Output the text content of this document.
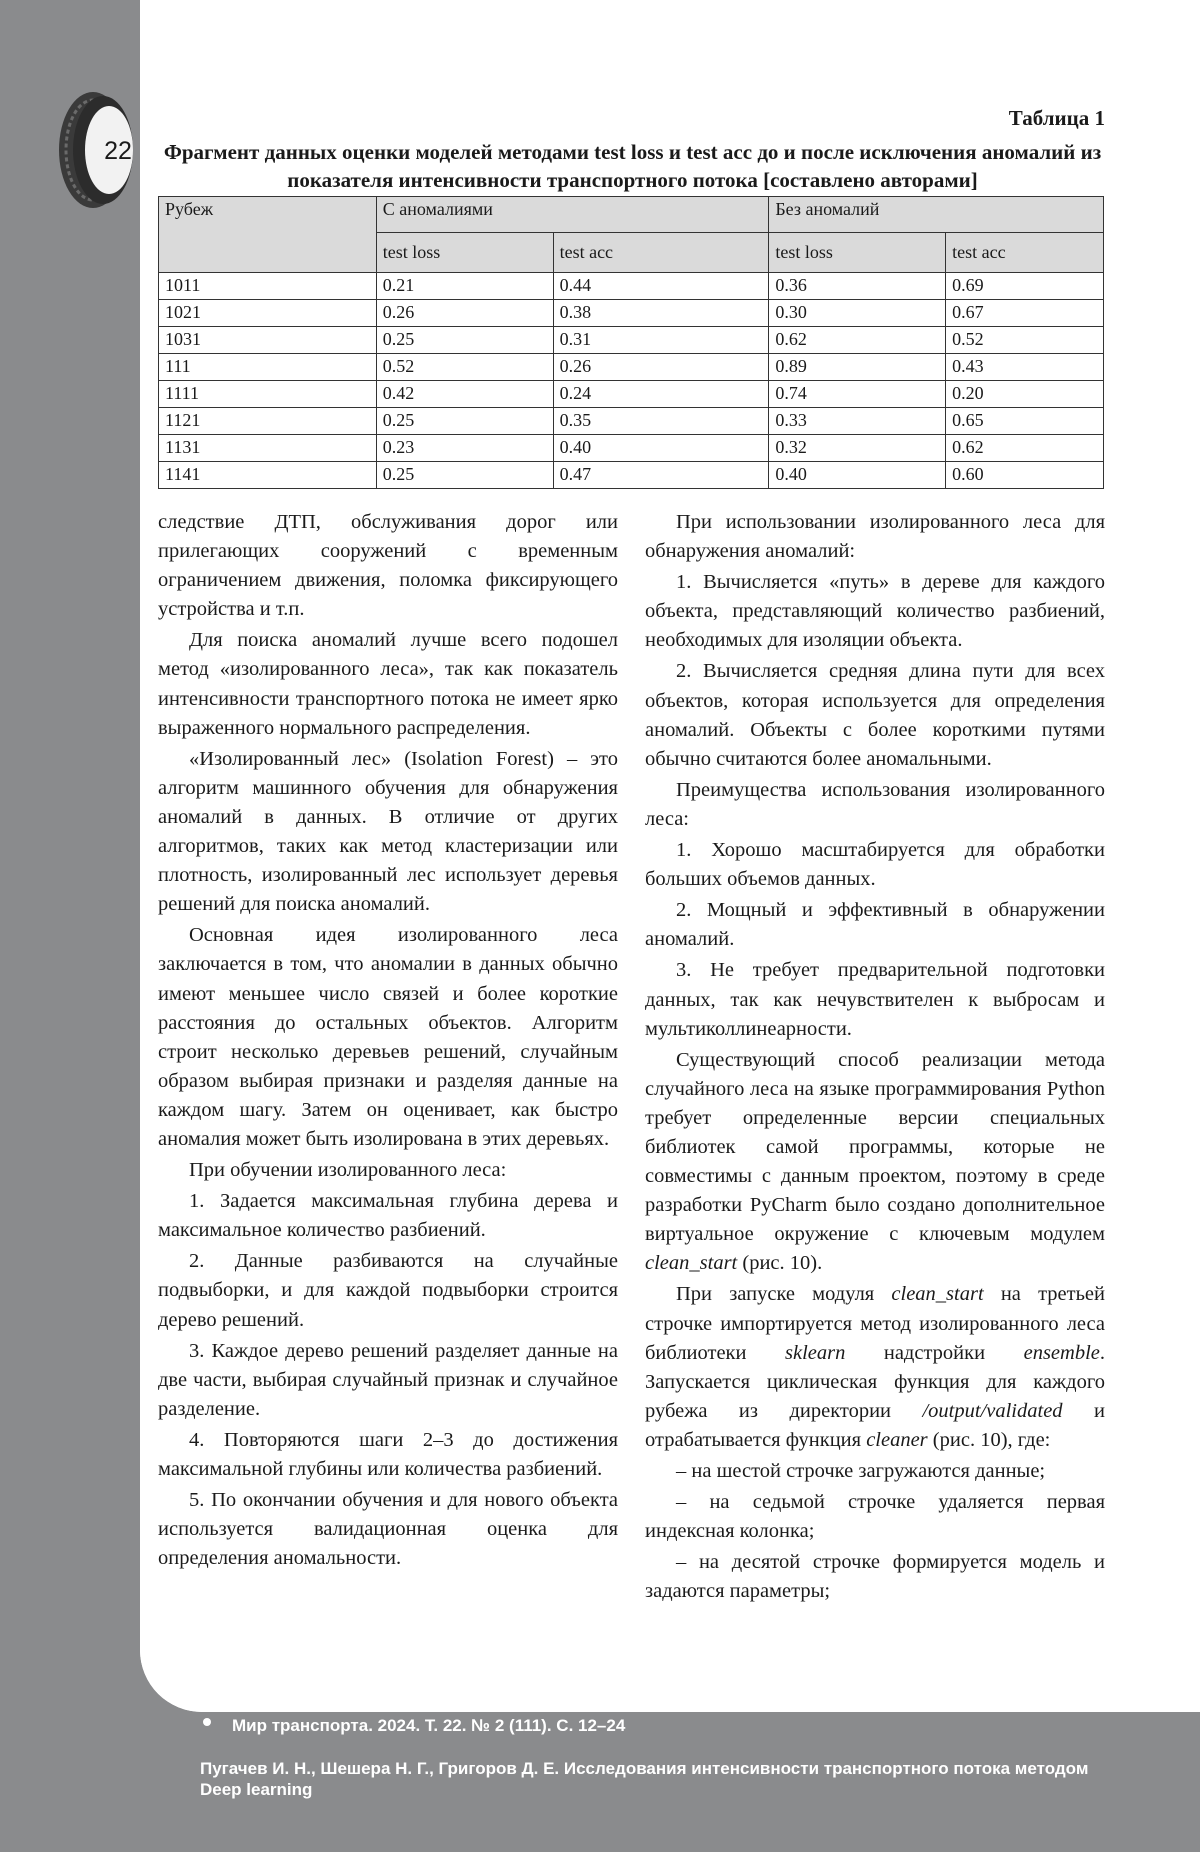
22
Таблица 1
Фрагмент данных оценки моделей методами test loss и test acc до и после исключения аномалий из показателя интенсивности транспортного потока [составлено авторами]
Рубеж	С аномалиями		Без аномалий	
	test loss	test acc	test loss	test acc
1011	0.21	0.44	0.36	0.69
1021	0.26	0.38	0.30	0.67
1031	0.25	0.31	0.62	0.52
111	0.52	0.26	0.89	0.43
1111	0.42	0.24	0.74	0.20
1121	0.25	0.35	0.33	0.65
1131	0.23	0.40	0.32	0.62
1141	0.25	0.47	0.40	0.60

следствие ДТП, обслуживания дорог или прилегающих сооружений с временным ограничением движения, поломка фиксирующего устройства и т.п.

Для поиска аномалий лучше всего подошел метод «изолированного леса», так как показатель интенсивности транспортного потока не имеет ярко выраженного нормального распределения.

«Изолированный лес» (Isolation Forest) – это алгоритм машинного обучения для обнаружения аномалий в данных. В отличие от других алгоритмов, таких как метод кластеризации или плотность, изолированный лес использует деревья решений для поиска аномалий.

Основная идея изолированного леса заключается в том, что аномалии в данных обычно имеют меньшее число связей и более короткие расстояния до остальных объектов. Алгоритм строит несколько деревьев решений, случайным образом выбирая признаки и разделяя данные на каждом шагу. Затем он оценивает, как быстро аномалия может быть изолирована в этих деревьях.

При обучении изолированного леса:

1. Задается максимальная глубина дерева и максимальное количество разбиений.

2. Данные разбиваются на случайные подвыборки, и для каждой подвыборки строится дерево решений.

3. Каждое дерево решений разделяет данные на две части, выбирая случайный признак и случайное разделение.

4. Повторяются шаги 2–3 до достижения максимальной глубины или количества разбиений.

5. По окончании обучения и для нового объекта используется валидационная оценка для определения аномальности.

При использовании изолированного леса для обнаружения аномалий:

1. Вычисляется «путь» в дереве для каждого объекта, представляющий количество разбиений, необходимых для изоляции объекта.

2. Вычисляется средняя длина пути для всех объектов, которая используется для определения аномалий. Объекты с более короткими путями обычно считаются более аномальными.

Преимущества использования изолированного леса:

1. Хорошо масштабируется для обработки больших объемов данных.

2. Мощный и эффективный в обнаружении аномалий.

3. Не требует предварительной подготовки данных, так как нечувствителен к выбросам и мультиколлинеарности.

Существующий способ реализации метода случайного леса на языке программирования Python требует определенные версии специальных библиотек самой программы, которые не совместимы с данным проектом, поэтому в среде разработки PyCharm было создано дополнительное виртуальное окружение с ключевым модулем clean_start (рис. 10).

При запуске модуля clean_start на третьей строчке импортируется метод изолированного леса библиотеки sklearn надстройки ensemble. Запускается циклическая функция для каждого рубежа из директории /output/validated и отрабатывается функция cleaner (рис. 10), где:

– на шестой строчке загружаются данные;

– на седьмой строчке удаляется первая индексная колонка;

– на десятой строчке формируется модель и задаются параметры;

Мир транспорта. 2024. Т. 22. № 2 (111). С. 12–24
Пугачев И. Н., Шешера Н. Г., Григоров Д. Е. Исследования интенсивности транспортного потока методом Deep learning
